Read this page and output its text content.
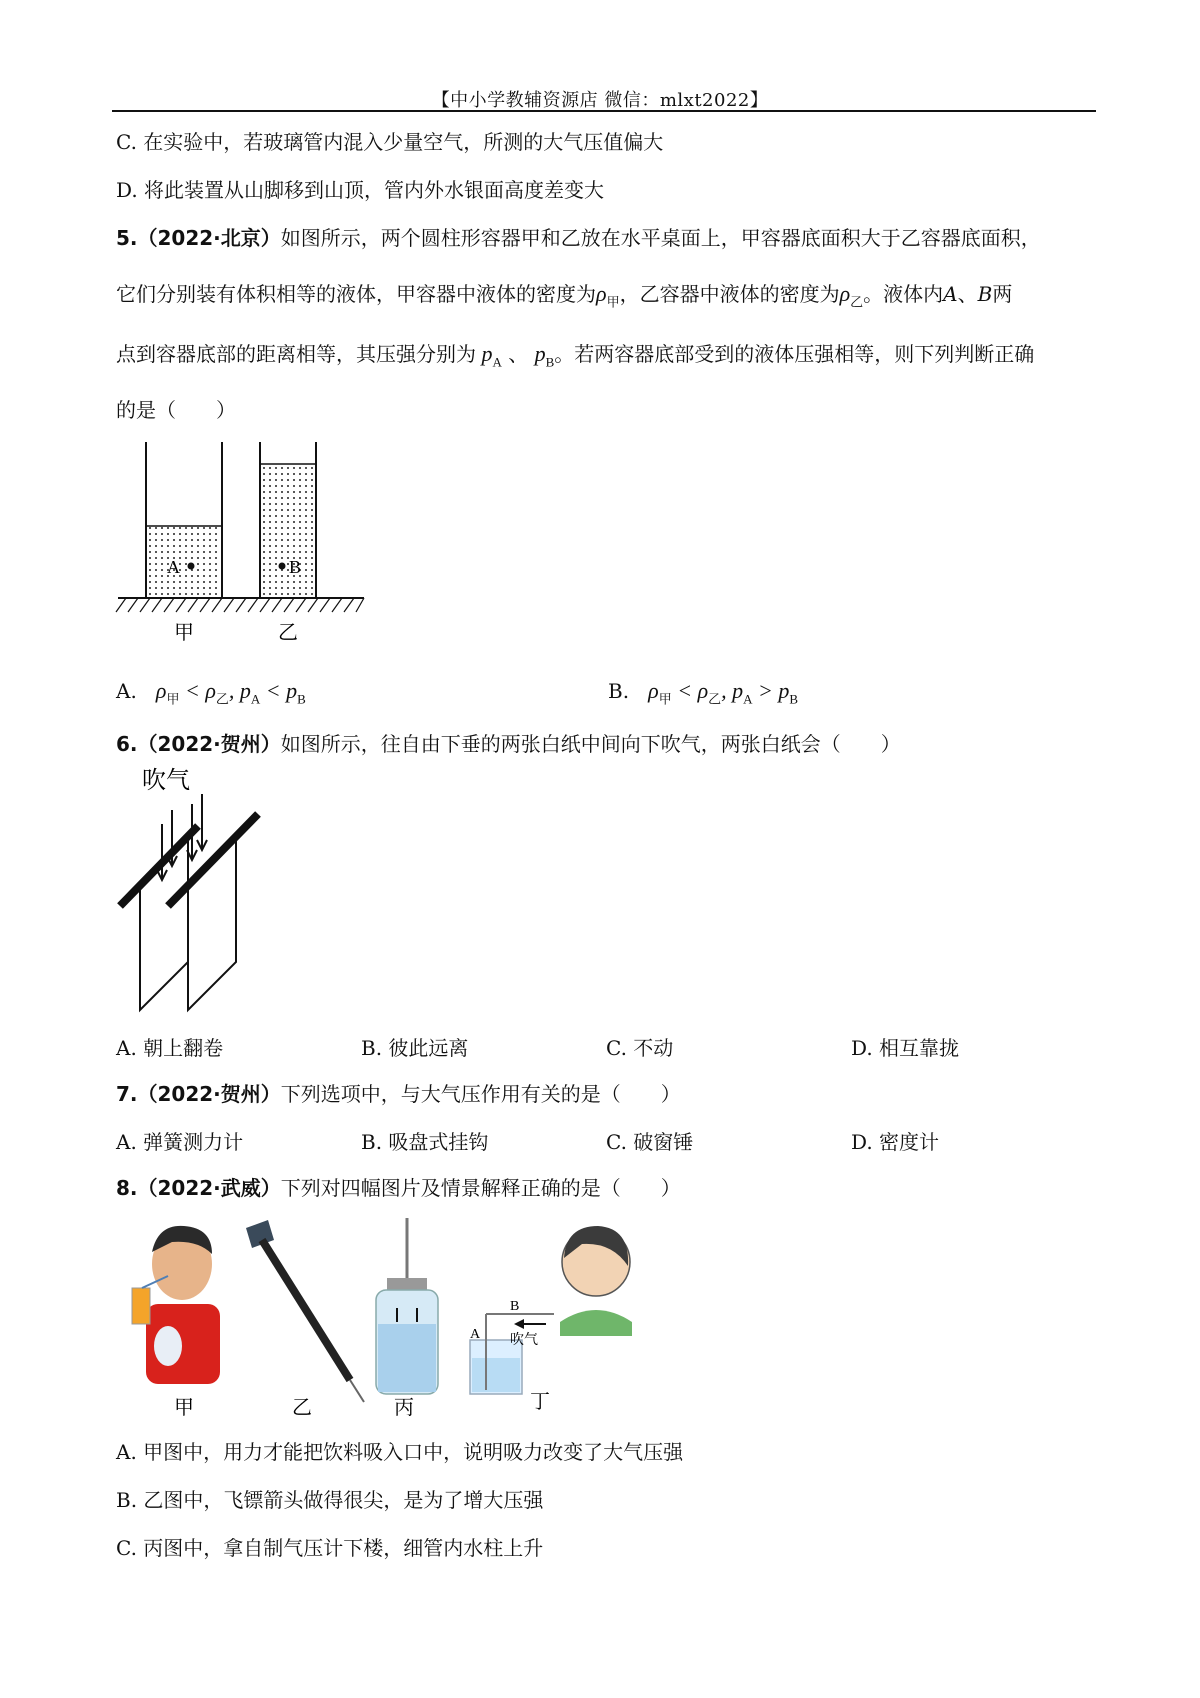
【中小学教辅资源店 微信：mlxt2022】
C. 在实验中，若玻璃管内混入少量空气，所测的大气压值偏大
D. 将此装置从山脚移到山顶，管内外水银面高度差变大
5.（2022·北京）如图所示，两个圆柱形容器甲和乙放在水平桌面上，甲容器底面积大于乙容器底面积，
它们分别装有体积相等的液体，甲容器中液体的密度为$\rho_甲$，乙容器中液体的密度为$\rho_乙$。液体内A、B两
点到容器底部的距离相等，其压强分别为 $p_A$ 、 $p_B$。若两容器底部受到的液体压强相等，则下列判断正确
的是（　　）
A	B
甲	乙
A. $\rho_甲 < \rho_乙$, $p_A < p_B$	B. $\rho_甲 < \rho_乙$, $p_A > p_B$
6.（2022·贺州）如图所示，往自由下垂的两张白纸中间向下吹气，两张白纸会（　　）
吹气
A. 朝上翻卷	B. 彼此远离	C. 不动	D. 相互靠拢
7.（2022·贺州）下列选项中，与大气压作用有关的是（　　）
A. 弹簧测力计	B. 吸盘式挂钩	C. 破窗锤	D. 密度计
8.（2022·武威）下列对四幅图片及情景解释正确的是（　　）
甲	乙	丙
B
A 吹气
丁
A. 甲图中，用力才能把饮料吸入口中，说明吸力改变了大气压强
B. 乙图中，飞镖箭头做得很尖，是为了增大压强
C. 丙图中，拿自制气压计下楼，细管内水柱上升
